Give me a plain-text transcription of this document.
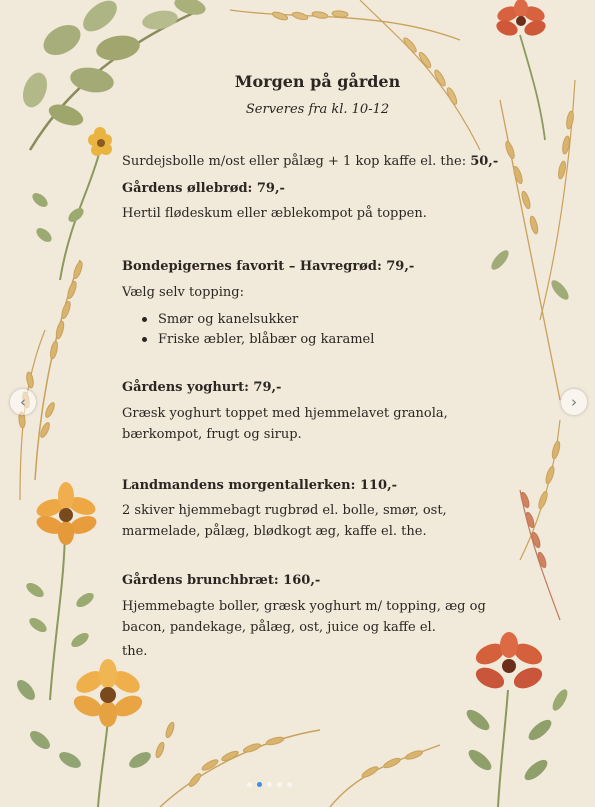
Morgen på gården
Serveres fra kl. 10-12
Surdejsbolle m/ost eller pålæg + 1 kop kaffe el. the: 50,-
Gårdens øllebrød: 79,-
Hertil flødeskum eller æblekompot på toppen.
Bondepigernes favorit – Havregrød: 79,-
Vælg selv topping:
Smør og kanelsukker
Friske æbler, blåbær og karamel
Gårdens yoghurt: 79,-
Græsk yoghurt toppet med hjemmelavet granola,
bærkompot, frugt og sirup.
Landmandens morgentallerken: 110,-
2 skiver hjemmebagt rugbrød el. bolle, smør, ost,
marmelade, pålæg, blødkogt æg, kaffe el. the.
Gårdens brunchbræt: 160,-
Hjemmebagte boller, græsk yoghurt m/ topping, æg og
bacon, pandekage, pålæg, ost, juice og kaffe el.
the.
‹	›
